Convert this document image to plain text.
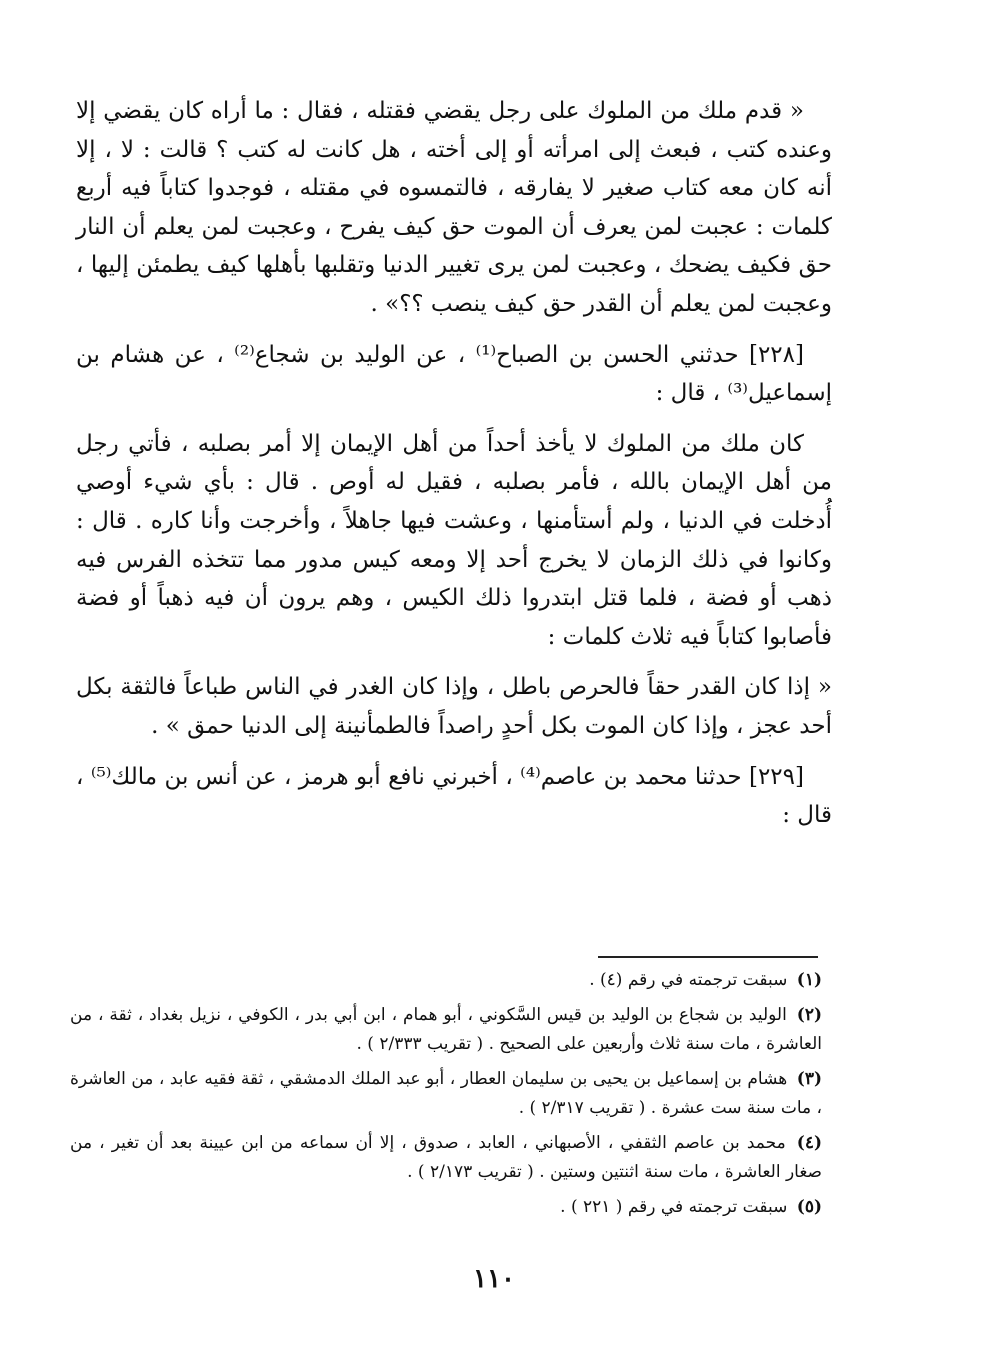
« قدم ملك من الملوك على رجل يقضي فقتله ، فقال : ما أراه كان يقضي إلا وعنده كتب ، فبعث إلى امرأته أو إلى أخته ، هل كانت له كتب ؟ قالت : لا ، إلا أنه كان معه كتاب صغير لا يفارقه ، فالتمسوه في مقتله ، فوجدوا كتاباً فيه أربع كلمات : عجبت لمن يعرف أن الموت حق كيف يفرح ، وعجبت لمن يعلم أن النار حق فكيف يضحك ، وعجبت لمن يرى تغيير الدنيا وتقلبها بأهلها كيف يطمئن إليها ، وعجبت لمن يعلم أن القدر حق كيف ينصب ؟؟» .

[٢٢٨] حدثني الحسن بن الصباح⁽¹⁾ ، عن الوليد بن شجاع⁽²⁾ ، عن هشام بن إسماعيل⁽³⁾ ، قال :

كان ملك من الملوك لا يأخذ أحداً من أهل الإيمان إلا أمر بصلبه ، فأتي رجل من أهل الإيمان بالله ، فأمر بصلبه ، فقيل له أوص . قال : بأي شيء أوصي أُدخلت في الدنيا ، ولم أستأمنها ، وعشت فيها جاهلاً ، وأخرجت وأنا كاره . قال : وكانوا في ذلك الزمان لا يخرج أحد إلا ومعه كيس مدور مما تتخذه الفرس فيه ذهب أو فضة ، فلما قتل ابتدروا ذلك الكيس ، وهم يرون أن فيه ذهباً أو فضة فأصابوا كتاباً فيه ثلاث كلمات :

« إذا كان القدر حقاً فالحرص باطل ، وإذا كان الغدر في الناس طباعاً فالثقة بكل أحد عجز ، وإذا كان الموت بكل أحدٍ راصداً فالطمأنينة إلى الدنيا حمق » .

[٢٢٩] حدثنا محمد بن عاصم⁽⁴⁾ ، أخبرني نافع أبو هرمز ، عن أنس بن مالك⁽⁵⁾ ، قال :

(١) سبقت ترجمته في رقم (٤) .
(٢) الوليد بن شجاع بن الوليد بن قيس السَّكوني ، أبو همام ، ابن أبي بدر ، الكوفي ، نزيل بغداد ، ثقة ، من العاشرة ، مات سنة ثلاث وأربعين على الصحيح . ( تقريب ٢/٣٣٣ ) .
(٣) هشام بن إسماعيل بن يحيى بن سليمان العطار ، أبو عبد الملك الدمشقي ، ثقة فقيه عابد ، من العاشرة ، مات سنة ست عشرة . ( تقريب ٢/٣١٧ ) .
(٤) محمد بن عاصم الثقفي ، الأصبهاني ، العابد ، صدوق ، إلا أن سماعه من ابن عيينة بعد أن تغير ، من صغار العاشرة ، مات سنة اثنتين وستين . ( تقريب ٢/١٧٣ ) .
(٥) سبقت ترجمته في رقم ( ٢٢١ ) .
١١٠
